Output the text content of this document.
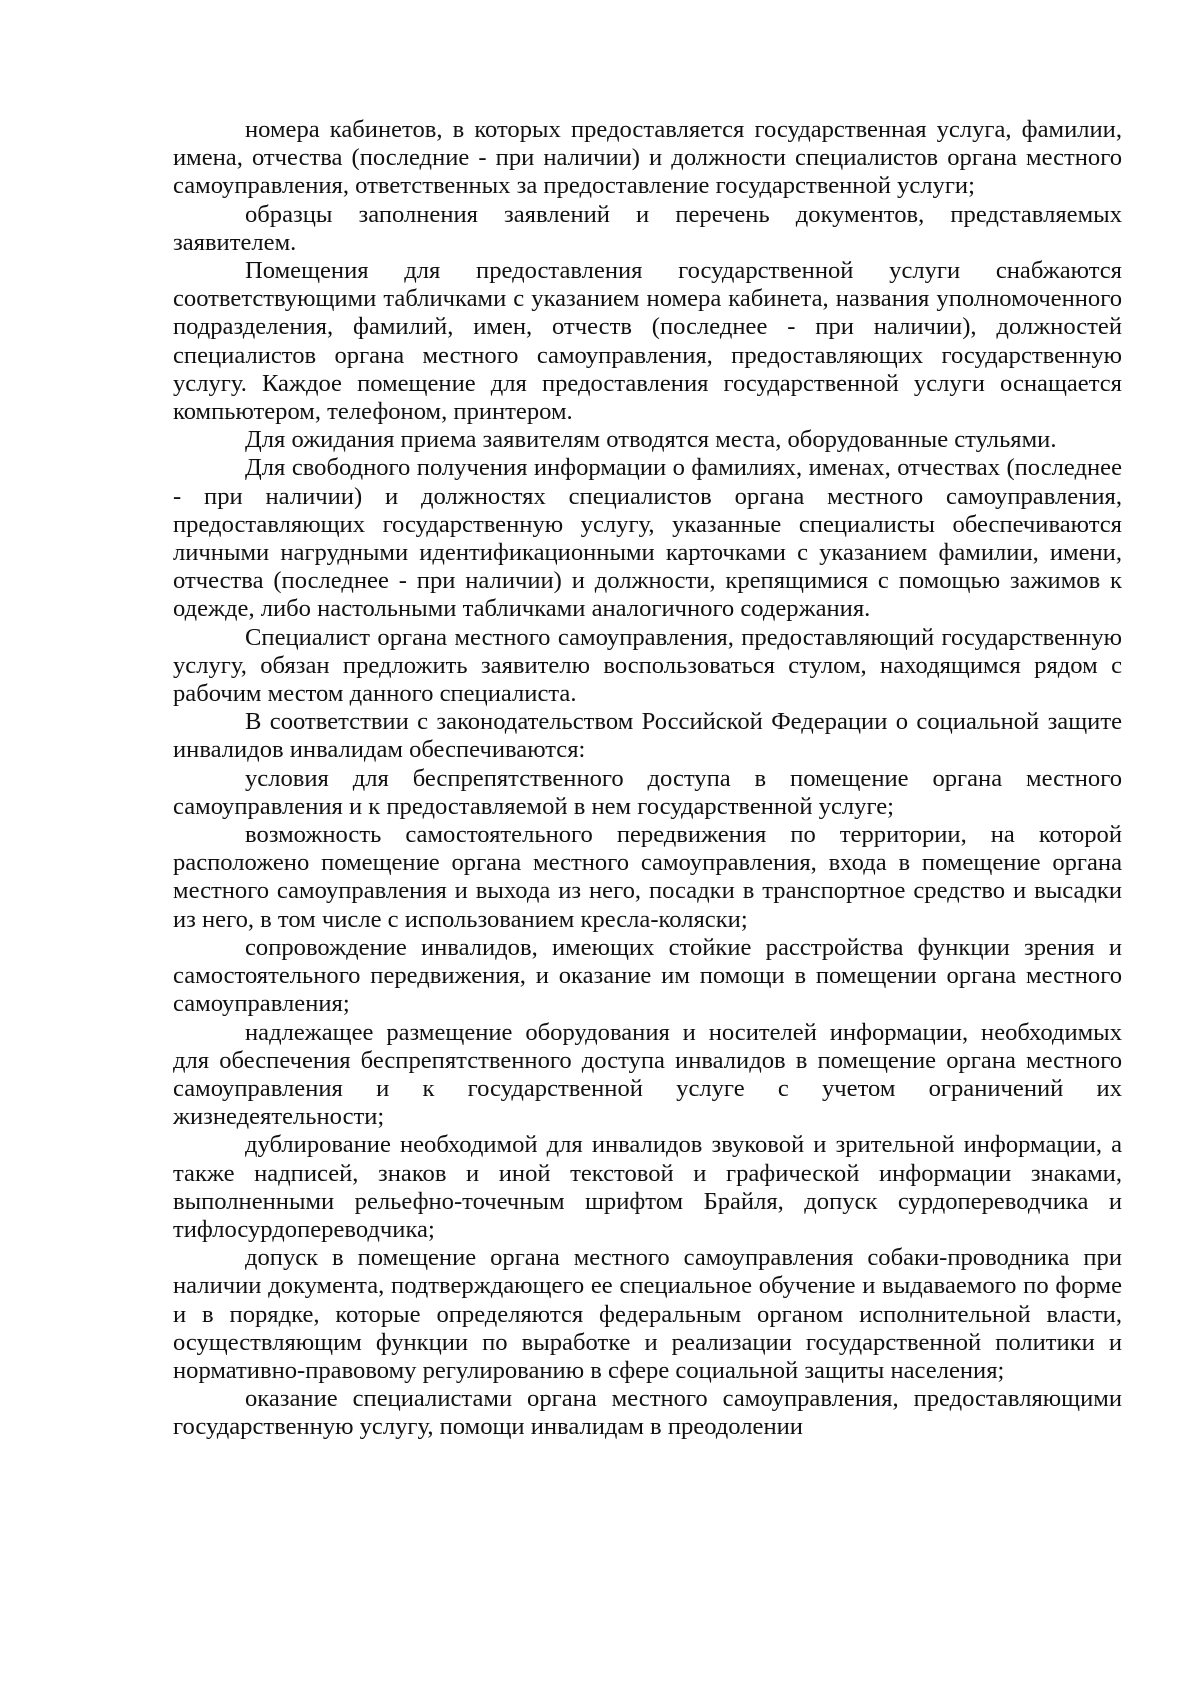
номера кабинетов, в которых предоставляется государственная услуга, фамилии, имена, отчества (последние - при наличии) и должности специалистов органа местного самоуправления, ответственных за предоставление государственной услуги;

образцы заполнения заявлений и перечень документов, представляемых заявителем.

Помещения для предоставления государственной услуги снабжаются соответствующими табличками с указанием номера кабинета, названия уполномоченного подразделения, фамилий, имен, отчеств (последнее - при наличии), должностей специалистов органа местного самоуправления, предоставляющих государственную услугу. Каждое помещение для предоставления государственной услуги оснащается компьютером, телефоном, принтером.

Для ожидания приема заявителям отводятся места, оборудованные стульями.

Для свободного получения информации о фамилиях, именах, отчествах (последнее - при наличии) и должностях специалистов органа местного самоуправления, предоставляющих государственную услугу, указанные специалисты обеспечиваются личными нагрудными идентификационными карточками с указанием фамилии, имени, отчества (последнее - при наличии) и должности, крепящимися с помощью зажимов к одежде, либо настольными табличками аналогичного содержания.

Специалист органа местного самоуправления, предоставляющий государственную услугу, обязан предложить заявителю воспользоваться стулом, находящимся рядом с рабочим местом данного специалиста.

В соответствии с законодательством Российской Федерации о социальной защите инвалидов инвалидам обеспечиваются:

условия для беспрепятственного доступа в помещение органа местного самоуправления и к предоставляемой в нем государственной услуге;

возможность самостоятельного передвижения по территории, на которой расположено помещение органа местного самоуправления, входа в помещение органа местного самоуправления и выхода из него, посадки в транспортное средство и высадки из него, в том числе с использованием кресла-коляски;

сопровождение инвалидов, имеющих стойкие расстройства функции зрения и самостоятельного передвижения, и оказание им помощи в помещении органа местного самоуправления;

надлежащее размещение оборудования и носителей информации, необходимых для обеспечения беспрепятственного доступа инвалидов в помещение органа местного самоуправления и к государственной услуге с учетом ограничений их жизнедеятельности;

дублирование необходимой для инвалидов звуковой и зрительной информации, а также надписей, знаков и иной текстовой и графической информации знаками, выполненными рельефно-точечным шрифтом Брайля, допуск сурдопереводчика и тифлосурдопереводчика;

допуск в помещение органа местного самоуправления собаки-проводника при наличии документа, подтверждающего ее специальное обучение и выдаваемого по форме и в порядке, которые определяются федеральным органом исполнительной власти, осуществляющим функции по выработке и реализации государственной политики и нормативно-правовому регулированию в сфере социальной защиты населения;

оказание специалистами органа местного самоуправления, предоставляющими государственную услугу, помощи инвалидам в преодолении
